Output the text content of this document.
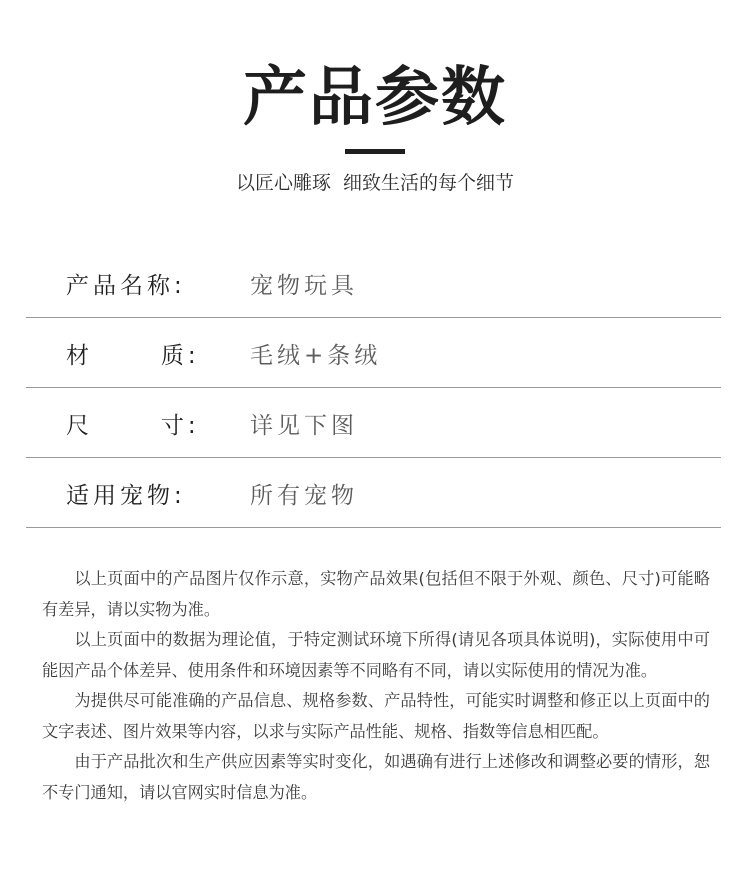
产品参数
以匠心雕琢  细致生活的每个细节
产品名称:	宠物玩具
材      质: 毛绒+条绒
尺      寸: 详见下图
适用宠物:	所有宠物

以上页面中的产品图片仅作示意，实物产品效果(包括但不限于外观、颜色、尺寸)可能略有差异，请以实物为准。

以上页面中的数据为理论值，于特定测试环境下所得(请见各项具体说明)，实际使用中可能因产品个体差异、使用条件和环境因素等不同略有不同，请以实际使用的情况为准。

为提供尽可能准确的产品信息、规格参数、产品特性，可能实时调整和修正以上页面中的文字表述、图片效果等内容，以求与实际产品性能、规格、指数等信息相匹配。

由于产品批次和生产供应因素等实时变化，如遇确有进行上述修改和调整必要的情形，恕不专门通知，请以官网实时信息为准。
